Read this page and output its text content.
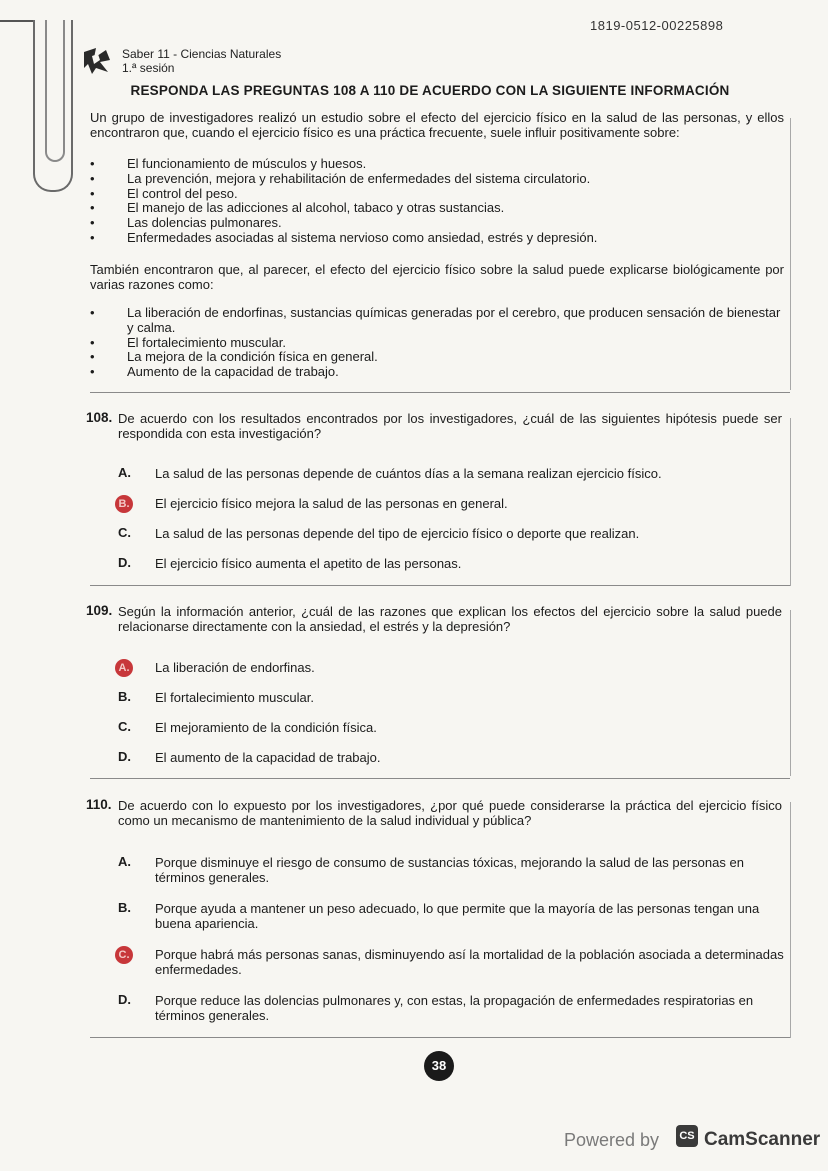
1819-0512-00225898
Saber 11 - Ciencias Naturales
1.ª sesión
RESPONDA LAS PREGUNTAS 108 A 110 DE ACUERDO CON LA SIGUIENTE INFORMACIÓN
Un grupo de investigadores realizó un estudio sobre el efecto del ejercicio físico en la salud de las personas, y ellos encontraron que, cuando el ejercicio físico es una práctica frecuente, suele influir positivamente sobre:
• El funcionamiento de músculos y huesos.
• La prevención, mejora y rehabilitación de enfermedades del sistema circulatorio.
• El control del peso.
• El manejo de las adicciones al alcohol, tabaco y otras sustancias.
• Las dolencias pulmonares.
• Enfermedades asociadas al sistema nervioso como ansiedad, estrés y depresión.
También encontraron que, al parecer, el efecto del ejercicio físico sobre la salud puede explicarse biológicamente por varias razones como:
• La liberación de endorfinas, sustancias químicas generadas por el cerebro, que producen sensación de bienestar y calma.
• El fortalecimiento muscular.
• La mejora de la condición física en general.
• Aumento de la capacidad de trabajo.
108. De acuerdo con los resultados encontrados por los investigadores, ¿cuál de las siguientes hipótesis puede ser respondida con esta investigación?
A.	La salud de las personas depende de cuántos días a la semana realizan ejercicio físico.
B.	El ejercicio físico mejora la salud de las personas en general.
C.	La salud de las personas depende del tipo de ejercicio físico o deporte que realizan.
D.	El ejercicio físico aumenta el apetito de las personas.
109. Según la información anterior, ¿cuál de las razones que explican los efectos del ejercicio sobre la salud puede relacionarse directamente con la ansiedad, el estrés y la depresión?
A.	La liberación de endorfinas.
B.	El fortalecimiento muscular.
C.	El mejoramiento de la condición física.
D.	El aumento de la capacidad de trabajo.
110. De acuerdo con lo expuesto por los investigadores, ¿por qué puede considerarse la práctica del ejercicio físico como un mecanismo de mantenimiento de la salud individual y pública?
A.	Porque disminuye el riesgo de consumo de sustancias tóxicas, mejorando la salud de las personas en términos generales.
B.	Porque ayuda a mantener un peso adecuado, lo que permite que la mayoría de las personas tengan una buena apariencia.
C.	Porque habrá más personas sanas, disminuyendo así la mortalidad de la población asociada a determinadas enfermedades.
D.	Porque reduce las dolencias pulmonares y, con estas, la propagación de enfermedades respiratorias en términos generales.
38
Powered by	CS CamScanner
